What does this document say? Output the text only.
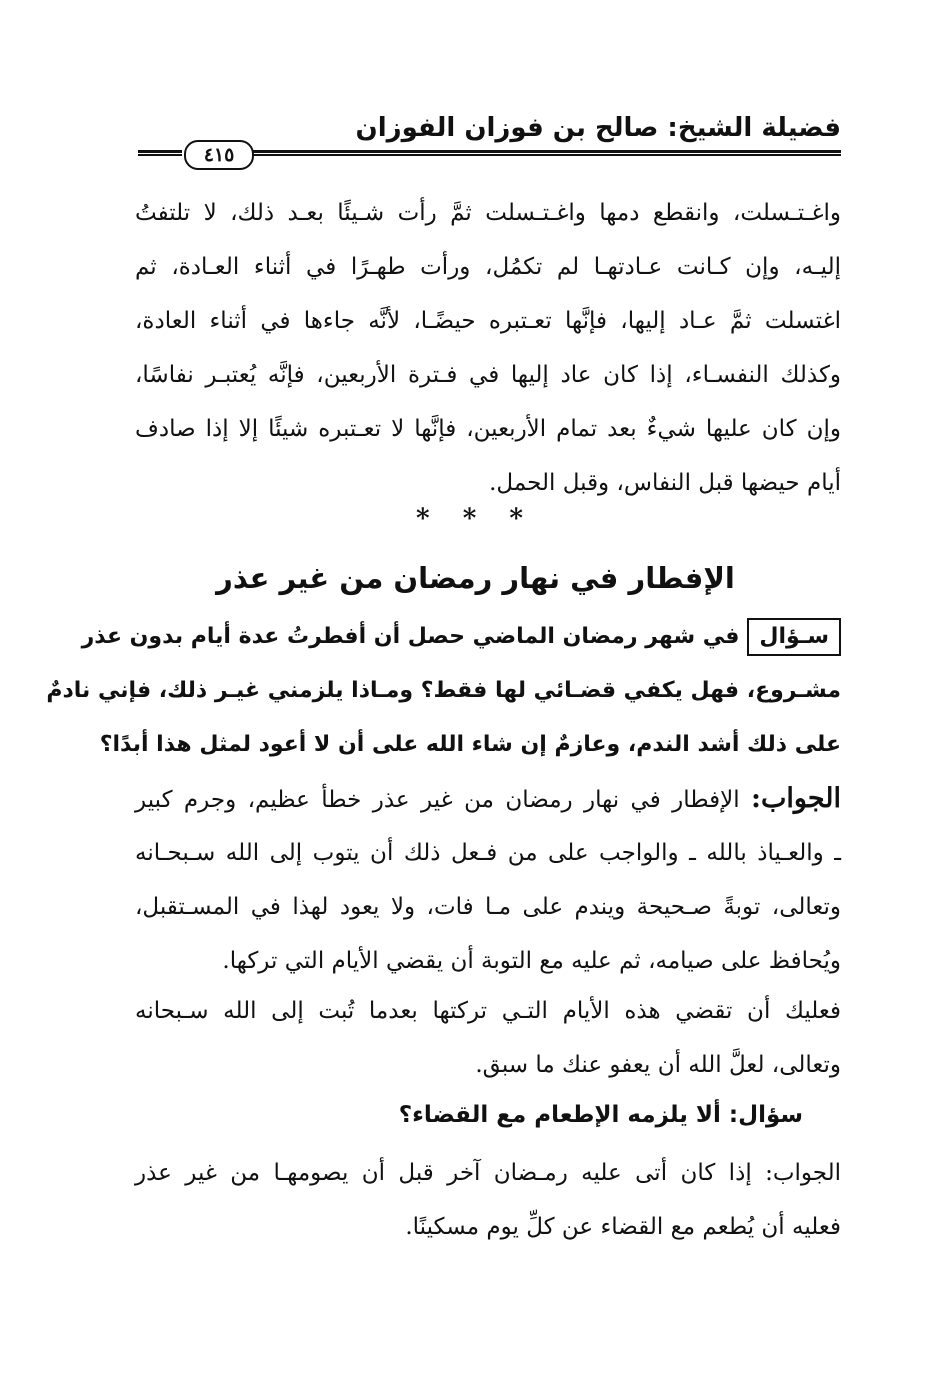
فضيلة الشيخ: صالح بن فوزان الفوزان
٤١٥
واغـتـسلت، وانقطع دمها واغـتـسلت ثمَّ رأت شـيئًا بعـد ذلك، لا تلتفتُ
إليـه، وإن كـانت عـادتهـا لم تكمُل، ورأت طهـرًا في أثناء العـادة، ثم
اغتسلت ثمَّ عـاد إليها، فإنَّها تعـتبره حيضًـا، لأنَّه جاءها في أثناء العادة،
وكذلك النفسـاء، إذا كان عاد إليها في فـترة الأربعين، فإنَّه يُعتبـر نفاسًا،
وإن كان عليها شيءٌ بعد تمام الأربعين، فإنَّها لا تعـتبره شيئًا إلا إذا صادف
أيام حيضها قبل النفاس، وقبل الحمل.
* * *
الإفطار في نهار رمضان من غير عذر
سـؤالفي شهر رمضان الماضي حصل أن أفطرتُ عدة أيام بدون عذر
مشـروع، فهل يكفي قضـائي لها فقط؟ ومـاذا يلزمني غيـر ذلك، فإني نادمٌ
على ذلك أشد الندم، وعازمٌ إن شاء الله على أن لا أعود لمثل هذا أبدًا؟
الجواب: الإفطار في نهار رمضان من غير عذر خطأ عظيم، وجرم كبير
ـ والعـياذ بالله ـ والواجب على من فـعل ذلك أن يتوب إلى الله سـبحـانه
وتعالى، توبةً صـحيحة ويندم على مـا فات، ولا يعود لهذا في المسـتقبل،
ويُحافظ على صيامه، ثم عليه مع التوبة أن يقضي الأيام التي تركها.
فعليك أن تقضي هذه الأيام التـي تركتها بعدما تُبت إلى الله سـبحانه
وتعالى، لعلَّ الله أن يعفو عنك ما سبق.
سؤال: ألا يلزمه الإطعام مع القضاء؟
الجواب: إذا كان أتى عليه رمـضان آخر قبل أن يصومهـا من غير عذر
فعليه أن يُطعم مع القضاء عن كلِّ يوم مسكينًا.
